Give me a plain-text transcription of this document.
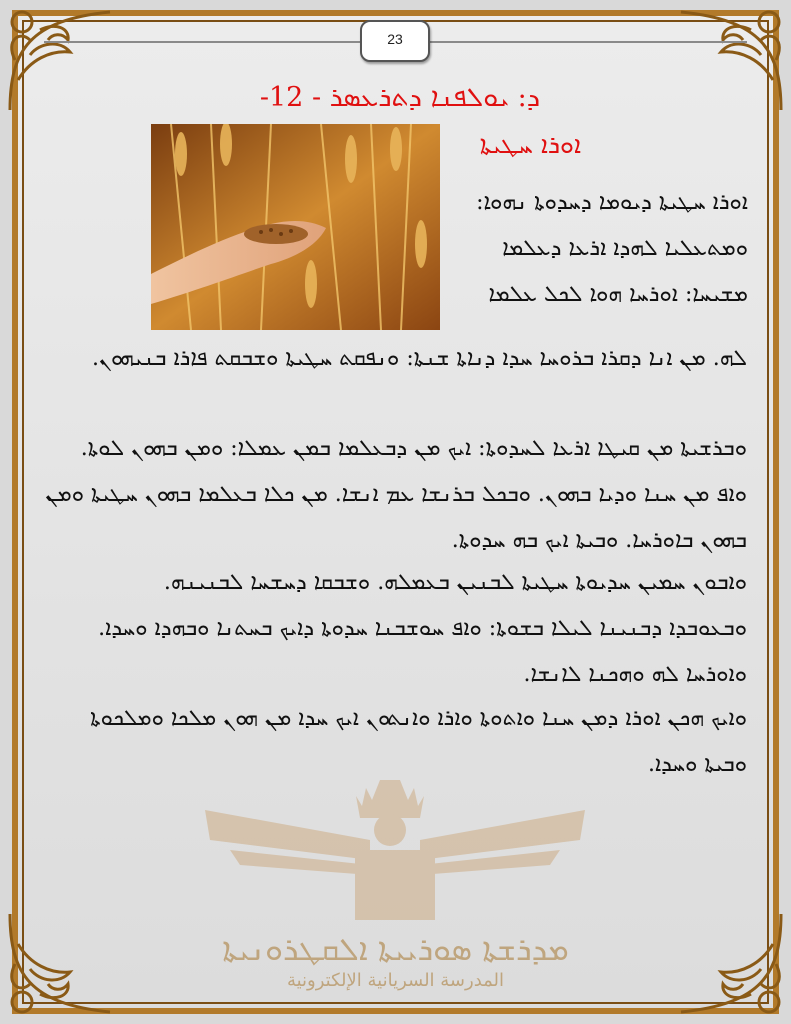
23
ܕ: ܝܘܠܦܢܐ ܕܬܪܥܣܪ - 12-
ܐܘܪܐ ܚܛܝܬܐ
ܐܘܪܐ ܚܛܝܬܐ ܕܝܘܡܐ ܕܚܕܘܬܐ ܢܗܘܐ:
ܘܡܬܥܠܝܐ ܠܗܕܐ ܐܪܥܐ ܕܥܠܡܐ
ܡܫܝܚܐ: ܐܘܪܚܐ ܗܘܐ ܠܟܠ ܥܠܡܐ
ܠܗ. ܡܢ ܐܢܐ ܕܩܪܐ ܒܪܘܚܐ ܚܕܐ ܕܢܐܬܐ ܫܢܬܐ: ܘܢܦܩܬ ܚܛܝܬܐ ܘܫܒܩܬ ܦܐܪܐ ܒܢܝܗܘܢ.
ܘܒܪܫܝܬܐ ܡܢ ܩܝܛܐ ܐܪܥܐ ܠܚܕܘܬܐ: ܐܝܟ ܡܢ ܕܒܥܠܡܐ ܒܡܢ ܥܡܠܐ: ܘܡܢ ܒܗܘܢ ܠܘܬܐ. ܘܐܦ ܡܢ ܚܢܐ ܘܕܝܐ ܒܗܘܢ. ܘܒܟܠ ܒܪܢܫܐ ܥܡ ܐܢܫܐ. ܡܢ ܟܠܐ ܒܥܠܡܐ ܒܗܘܢ ܚܛܝܬܐ ܘܡܢ ܒܗܘܢ ܒܐܘܪܚܐ. ܘܒܝܬܐ ܐܝܟ ܒܗ ܚܕܘܬܐ.
ܘܐܒܘܢ ܚܡܝܢ ܚܕܝܘܬܐ ܚܛܝܬܐ ܠܒܢܝܢ ܒܥܡܠܗ. ܘܫܒܩܐ ܕܚܫܚܐ ܠܒܢܝܢܗ.
ܘܒܥܘܒܕܐ ܕܒܢܝܢܐ ܠܝܠܐ ܒܫܘܬܐ: ܘܐܦ ܚܘܫܒܢܐ ܚܕܘܬܐ ܕܐܝܟ ܒܚܬܢܐ ܘܒܗܕܐ ܘܚܕܐ. ܘܐܘܪܚܐ ܠܗ ܘܗܟܢܐ ܠܐܢܫܐ.
ܘܐܝܟ ܗܟܢ ܐܘܪܐ ܕܡܢ ܚܢܐ ܘܐܬܘܬܐ ܘܐܪܐ ܘܐܢܬܘܢ ܐܝܟ ܚܕܐ ܡܢ ܗܘܢ ܡܠܟܐ ܘܡܠܟܘܬܐ ܘܒܝܬܐ ܘܚܕܐ.
ܡܕܪܫܬܐ ܣܘܪܝܝܬܐ ܐܠܩܛܪܘܢܝܬܐ
المدرسة السريانية الإلكترونية
